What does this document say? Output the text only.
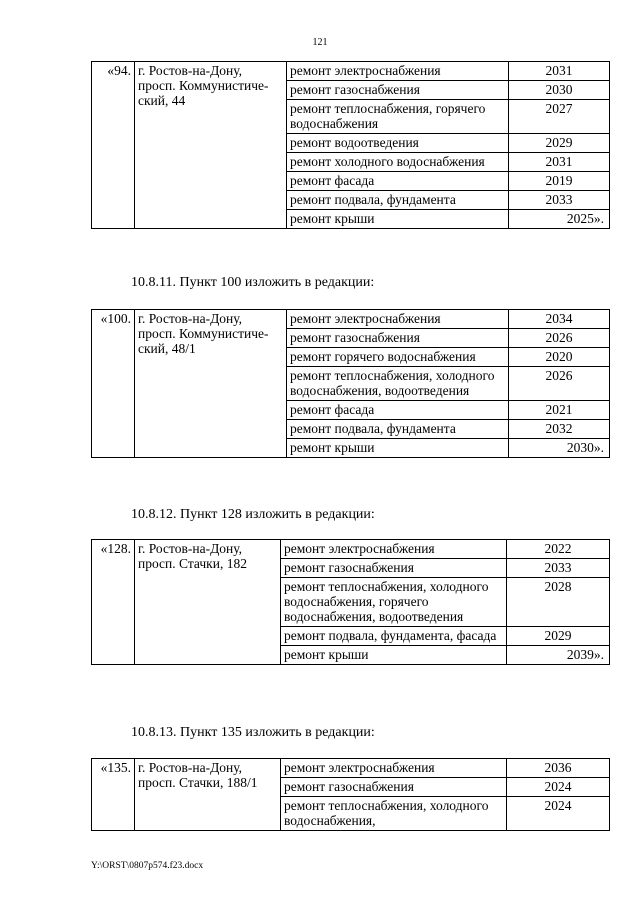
121
«94.	г. Ростов-на-Дону, просп. Коммунистиче-ский, 44	ремонт электроснабжения	2031
		ремонт газоснабжения	2030
		ремонт теплоснабжения, горячего водоснабжения	2027
		ремонт водоотведения	2029
		ремонт холодного водоснабжения	2031
		ремонт фасада	2019
		ремонт подвала, фундамента	2033
		ремонт крыши	2025».
10.8.11. Пункт 100 изложить в редакции:
«100.	г. Ростов-на-Дону, просп. Коммунистиче-ский, 48/1	ремонт электроснабжения	2034
		ремонт газоснабжения	2026
		ремонт горячего водоснабжения	2020
		ремонт теплоснабжения, холодного водоснабжения, водоотведения	2026
		ремонт фасада	2021
		ремонт подвала, фундамента	2032
		ремонт крыши	2030».
10.8.12. Пункт 128 изложить в редакции:
«128.	г. Ростов-на-Дону, просп. Стачки, 182	ремонт электроснабжения	2022
		ремонт газоснабжения	2033
		ремонт теплоснабжения, холодного водоснабжения, горячего водоснабжения, водоотведения	2028
		ремонт подвала, фундамента, фасада	2029
		ремонт крыши	2039».
10.8.13. Пункт 135 изложить в редакции:
«135.	г. Ростов-на-Дону, просп. Стачки, 188/1	ремонт электроснабжения	2036
		ремонт газоснабжения	2024
		ремонт теплоснабжения, холодного водоснабжения,	2024
Y:\ORST\0807p574.f23.docx
